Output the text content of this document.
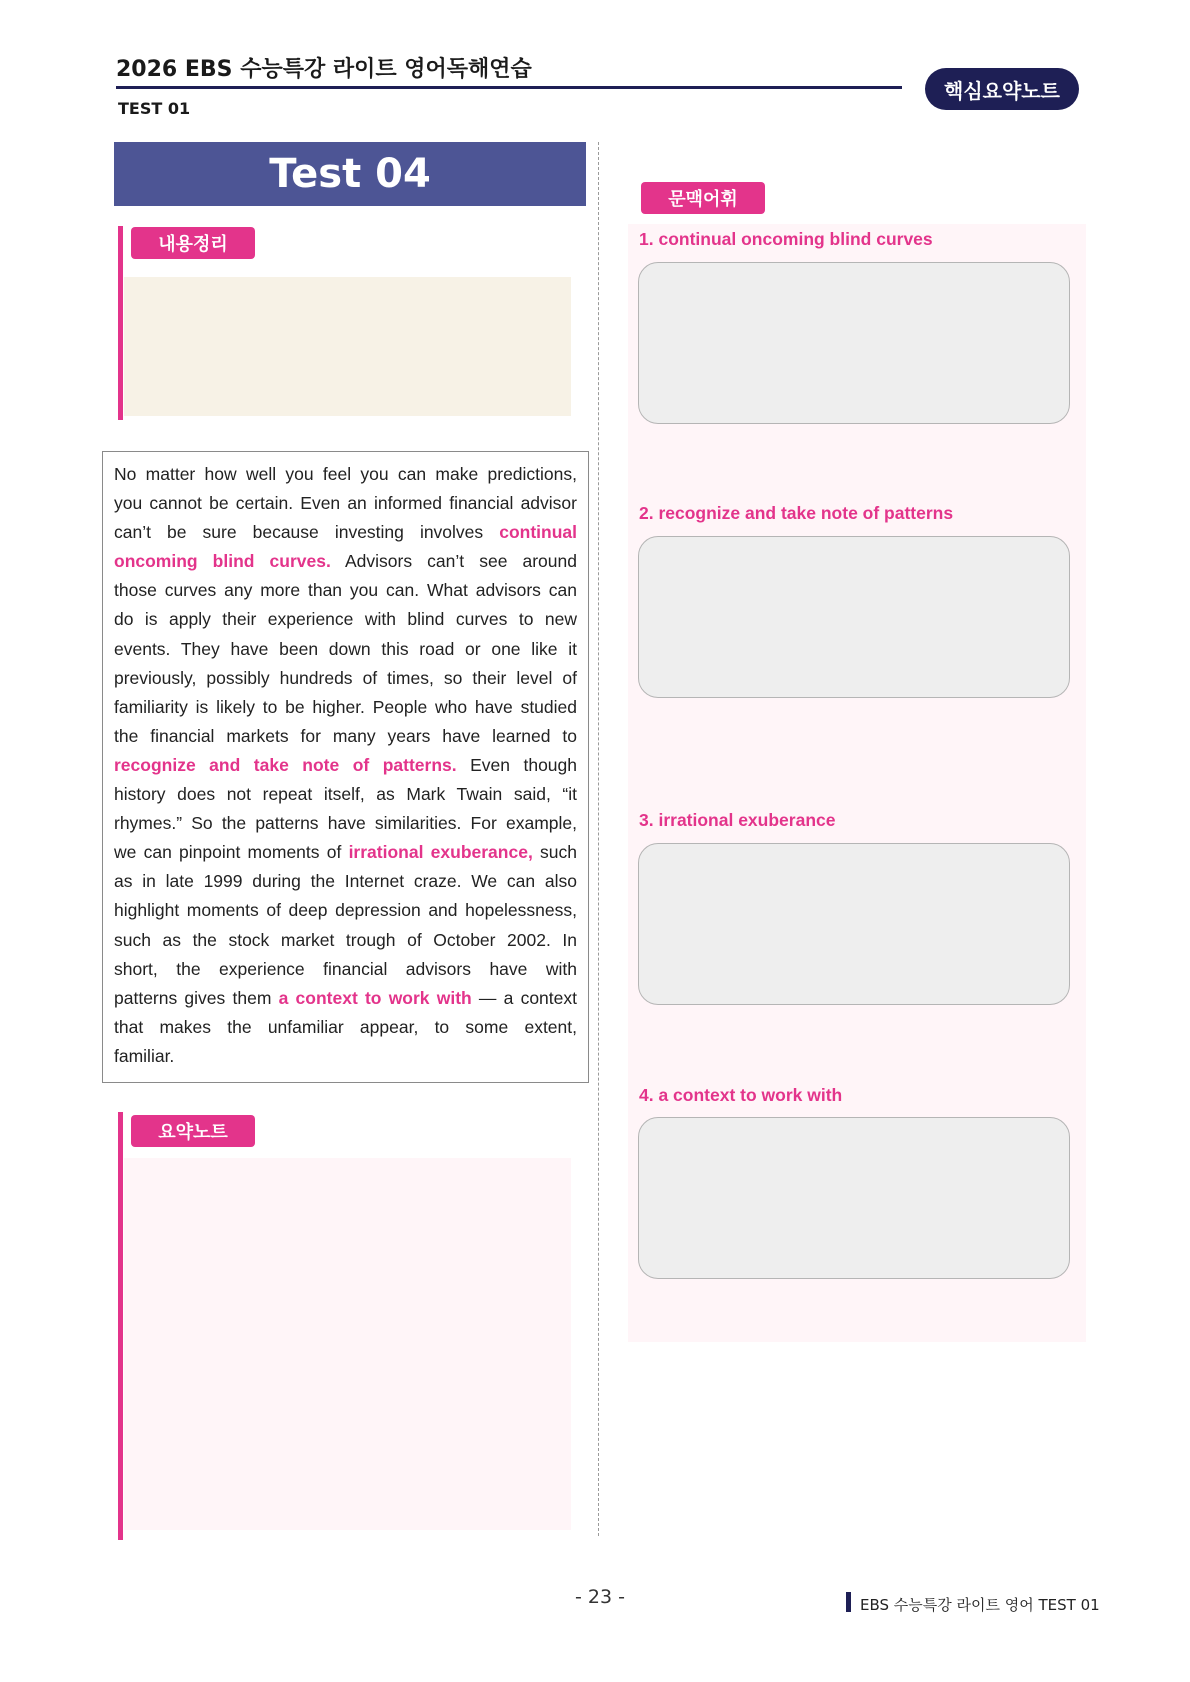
2026 EBS 수능특강 라이트 영어독해연습
TEST 01
핵심요약노트
Test 04
내용정리

No matter how well you feel you can make predictions, you cannot be certain. Even an informed financial advisor can’t be sure because investing involves continual oncoming blind curves. Advisors can’t see around those curves any more than you can. What advisors can do is apply their experience with blind curves to new events. They have been down this road or one like it previously, possibly hundreds of times, so their level of familiarity is likely to be higher. People who have studied the financial markets for many years have learned to recognize and take note of patterns. Even though history does not repeat itself, as Mark Twain said, “it rhymes.” So the patterns have similarities. For example, we can pinpoint moments of irrational exuberance, such as in late 1999 during the Internet craze. We can also highlight moments of deep depression and hopelessness, such as the stock market trough of October 2002. In short, the experience financial advisors have with patterns gives them a context to work with — a context that makes the unfamiliar appear, to some extent, familiar.

요약노트
문맥어휘
1. continual oncoming blind curves
2. recognize and take note of patterns
3. irrational exuberance
4. a context to work with
- 23 -	EBS 수능특강 라이트 영어 TEST 01
